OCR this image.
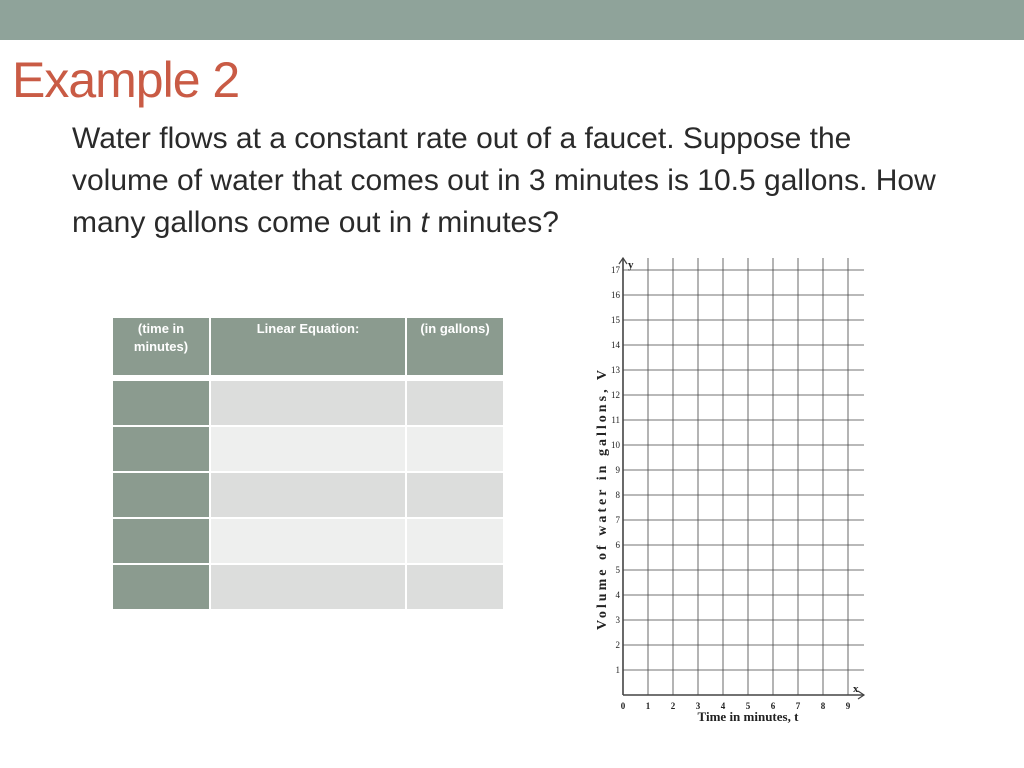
Example 2

Water flows at a constant rate out of a faucet. Suppose the volume of water that comes out in 3 minutes is 10.5 gallons. How many gallons come out in t minutes?

(time in minutes)	Linear Equation:	(in gallons)

0 1 2 3 4 5 6 7 8 9
1
2
3
4
5
6
7
8
9
10
11
12
13
14
15
16
17 y
x
Time in minutes, t
Volume of water in gallons, V
